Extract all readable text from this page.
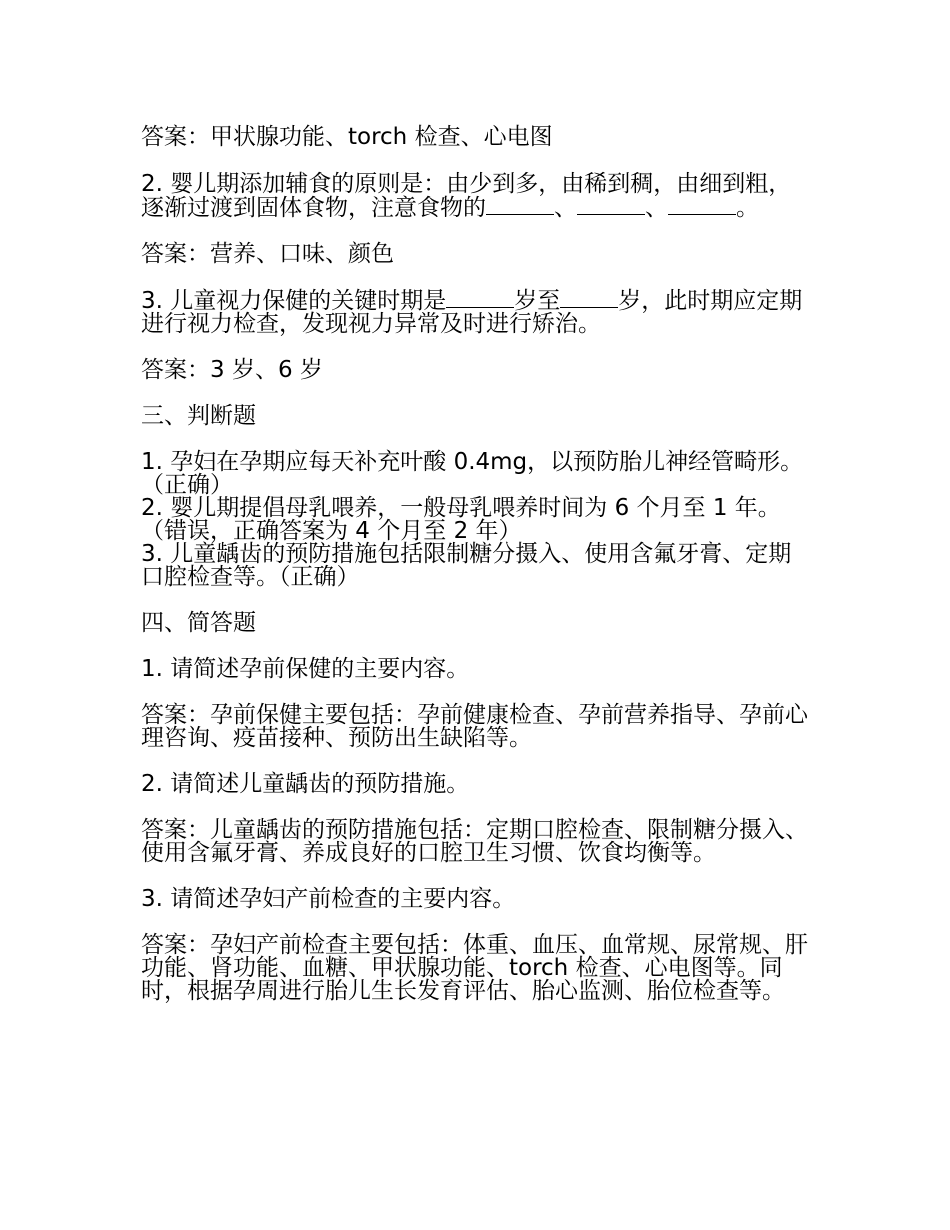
答案：甲状腺功能、torch 检查、心电图

2. 婴儿期添加辅食的原则是：由少到多，由稀到稠，由细到粗，逐渐过渡到固体食物，注意食物的	、	、	。

答案：营养、口味、颜色

3. 儿童视力保健的关键时期是	岁至	岁，此时期应定期进行视力检查，发现视力异常及时进行矫治。

答案：3 岁、6 岁

三、判断题

1. 孕妇在孕期应每天补充叶酸 0.4mg，以预防胎儿神经管畸形。（正确）

2. 婴儿期提倡母乳喂养，一般母乳喂养时间为 6 个月至 1 年。（错误，正确答案为 4 个月至 2 年）

3. 儿童龋齿的预防措施包括限制糖分摄入、使用含氟牙膏、定期口腔检查等。（正确）

四、简答题

1. 请简述孕前保健的主要内容。

答案：孕前保健主要包括：孕前健康检查、孕前营养指导、孕前心理咨询、疫苗接种、预防出生缺陷等。

2. 请简述儿童龋齿的预防措施。

答案：儿童龋齿的预防措施包括：定期口腔检查、限制糖分摄入、使用含氟牙膏、养成良好的口腔卫生习惯、饮食均衡等。

3. 请简述孕妇产前检查的主要内容。

答案：孕妇产前检查主要包括：体重、血压、血常规、尿常规、肝功能、肾功能、血糖、甲状腺功能、torch 检查、心电图等。同时，根据孕周进行胎儿生长发育评估、胎心监测、胎位检查等。
